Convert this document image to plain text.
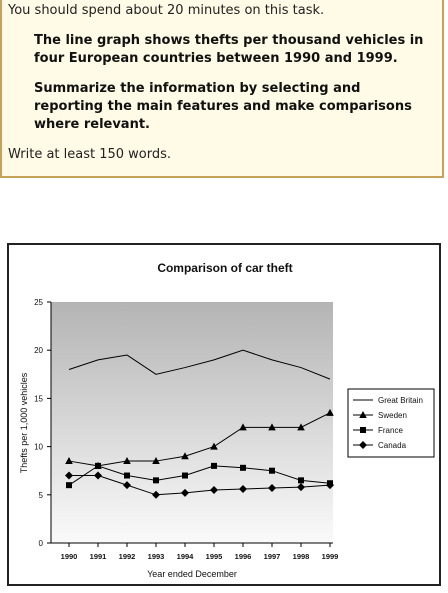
You should spend about 20 minutes on this task.
The line graph shows thefts per thousand vehicles in four European countries between 1990 and 1999.
Summarize the information by selecting and reporting the main features and make comparisons where relevant.
Write at least 150 words.
Comparison of car theft
0
5
10
15
20
25
1990 1991 1992 1993 1994 1995 1996 1997 1998 1999
Great Britain
Sweden
France
Canada
Thefts per 1,000 vehicles
Year ended December
